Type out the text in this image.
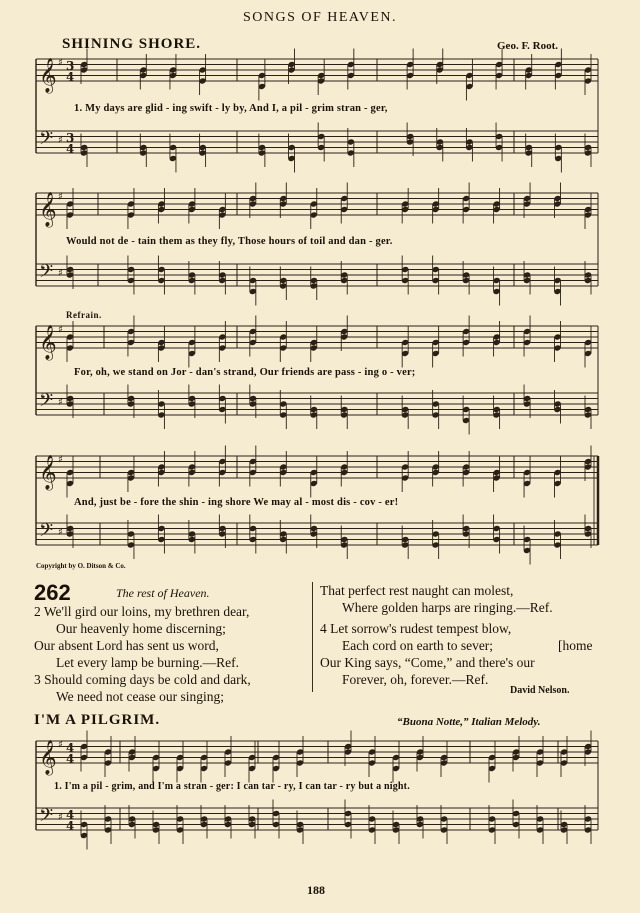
SONGS OF HEAVEN.
SHINING SHORE.	Geo. F. Root.
𝄞
𝄢
♯
♯
3
4
3
4
𝄞
𝄢
♯
♯
𝄞
𝄢
♯
♯
𝄞
𝄢
♯
♯
𝄞
𝄢
♯
♯
4
4
4
4
1. My days are glid - ing swift - ly by, And I, a pil - grim stran - ger,
Would not de - tain them as they fly, Those hours of toil and dan - ger.
Refrain.
For, oh, we stand on Jor - dan's strand, Our friends are pass - ing o - ver;
And, just be - fore the shin - ing shore We may al - most dis - cov - er!
Copyright by O. Ditson & Co.
262	The rest of Heaven.
2 We'll gird our loins, my brethren dear,
Our heavenly home discerning;
Our absent Lord has sent us word,
Let every lamp be burning.—Ref.
3 Should coming days be cold and dark,
We need not cease our singing;
That perfect rest naught can molest,
Where golden harps are ringing.—Ref.
4 Let sorrow's rudest tempest blow,
Each cord on earth to sever;	[home
Our King says, “Come,” and there's our
Forever, oh, forever.—Ref.
David Nelson.
I'M A PILGRIM.	“Buona Notte,” Italian Melody.
1. I'm a pil - grim, and I'm a stran - ger: I can tar - ry, I can tar - ry but a night.
188
